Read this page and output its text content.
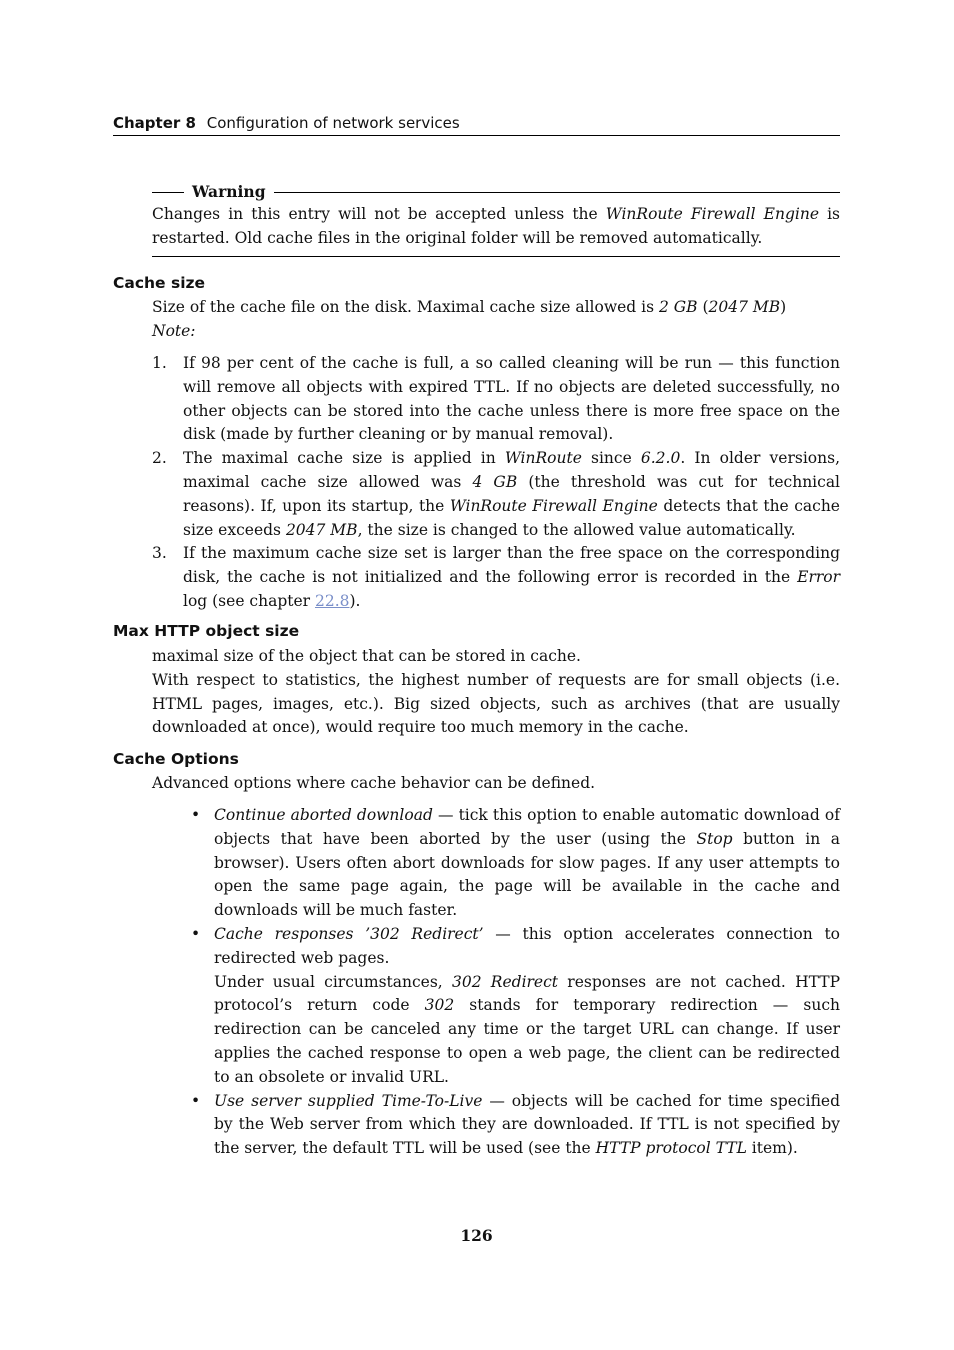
Chapter 8 Configuration of network services
Warning
Changes in this entry will not be accepted unless the WinRoute Firewall Engine is restarted. Old cache files in the original folder will be removed automatically.
Cache size

Size of the cache file on the disk. Maximal cache size allowed is 2 GB (2047 MB)

Note:

1. If 98 per cent of the cache is full, a so called cleaning will be run — this function will remove all objects with expired TTL. If no objects are deleted successfully, no other objects can be stored into the cache unless there is more free space on the disk (made by further cleaning or by manual removal).
2. The maximal cache size is applied in WinRoute since 6.2.0. In older versions, maximal cache size allowed was 4 GB (the threshold was cut for technical reasons). If, upon its startup, the WinRoute Firewall Engine detects that the cache size exceeds 2047 MB, the size is changed to the allowed value automatically.
3. If the maximum cache size set is larger than the free space on the corresponding disk, the cache is not initialized and the following error is recorded in the Error log (see chapter 22.8).
Max HTTP object size

maximal size of the object that can be stored in cache.

With respect to statistics, the highest number of requests are for small objects (i.e. HTML pages, images, etc.). Big sized objects, such as archives (that are usually downloaded at once), would require too much memory in the cache.

Cache Options
Advanced options where cache behavior can be defined.
• Continue aborted download — tick this option to enable automatic download of objects that have been aborted by the user (using the Stop button in a browser). Users often abort downloads for slow pages. If any user attempts to open the same page again, the page will be available in the cache and downloads will be much faster.
• Cache responses ’302 Redirect’ — this option accelerates connection to redirected web pages.
Under usual circumstances, 302 Redirect responses are not cached. HTTP protocol’s return code 302 stands for temporary redirection — such redirection can be canceled any time or the target URL can change. If user applies the cached response to open a web page, the client can be redirected to an obsolete or invalid URL.
• Use server supplied Time-To-Live — objects will be cached for time specified by the Web server from which they are downloaded. If TTL is not specified by the server, the default TTL will be used (see the HTTP protocol TTL item).
126
